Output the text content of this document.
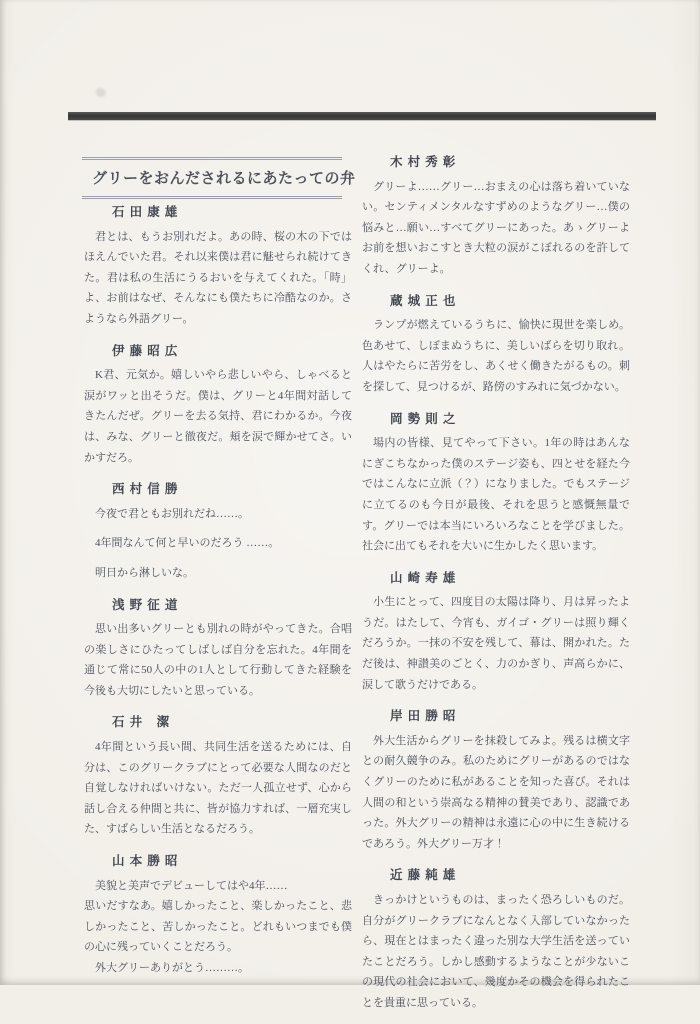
グリーをおんだされるにあたっての弁
石 田 康 雄

君とは、もうお別れだよ。あの時、桜の木の下ではほえんでいた君。それ以来僕は君に魅せられ続けてきた。君は私の生活にうるおいを与えてくれた。「時」よ、お前はなぜ、そんなにも僕たちに冷酷なのか。さようなら外語グリー。

伊 藤 昭 広

K君、元気か。嬉しいやら悲しいやら、しゃべると涙がワッと出そうだ。僕は、グリーと4年間対話してきたんだぜ。グリーを去る気持、君にわかるか。今夜は、みな、グリーと徹夜だ。頬を涙で輝かせてさ。いかすだろ。

西 村 信 勝

今夜で君ともお別れだね……。

4年間なんて何と早いのだろう ……。

明日から淋しいな。

浅 野 征 道

思い出多いグリーとも別れの時がやってきた。合唱の楽しさにひたってしばしば自分を忘れた。4年間を通じて常に50人の中の1人として行動してきた経験を今後も大切にしたいと思っている。

石 井　潔

4年間という長い間、共同生活を送るためには、自分は、このグリークラブにとって必要な人間なのだと自覚しなければいけない。ただ一人孤立せず、心から話し合える仲間と共に、皆が協力すれば、一層充実した、すばらしい生活となるだろう。

山 本 勝 昭

美貌と美声でデビューしてはや4年……

思いだすなあ。嬉しかったこと、楽しかったこと、悲しかったこと、苦しかったこと。どれもいつまでも僕の心に残っていくことだろう。

外大グリーありがとう………。

木 村 秀 彰

グリーよ……グリー…おまえの心は落ち着いていない。センティメンタルなすずめのようなグリー…僕の悩みと…願い…すべてグリーにあった。あゝグリーよお前を想いおこすとき大粒の涙がこぼれるのを許してくれ、グリーよ。

蔵 城 正 也

ランプが燃えているうちに、愉快に現世を楽しめ。色あせて、しぼまぬうちに、美しいばらを切り取れ。人はやたらに苦労をし、あくせく働きたがるもの。刺を探して、見つけるが、路傍のすみれに気づかない。

岡 勢 則 之

場内の皆様、見てやって下さい。1年の時はあんなにぎこちなかった僕のステージ姿も、四とせを経た今ではこんなに立派（？）になりました。でもステージに立てるのも今日が最後、それを思うと感慨無量です。グリーでは本当にいろいろなことを学びました。社会に出てもそれを大いに生かしたく思います。

山 崎 寿 雄

小生にとって、四度目の太陽は降り、月は昇ったようだ。はたして、今宵も、ガイゴ・グリーは照り輝くだろうか。一抹の不安を残して、幕は、開かれた。ただ後は、神讃美のごとく、力のかぎり、声高らかに、涙して歌うだけである。

岸 田 勝 昭

外大生活からグリーを抹殺してみよ。残るは横文字との耐久競争のみ。私のためにグリーがあるのではなくグリーのために私があることを知った喜び。それは人間の和という崇高なる精神の賛美であり、認識であった。外大グリーの精神は永遠に心の中に生き続けるであろう。外大グリー万才！

近 藤 純 雄

きっかけというものは、まったく恐ろしいものだ。自分がグリークラブになんとなく入部していなかったら、現在とはまったく違った別な大学生活を送っていたことだろう。しかし感動するようなことが少ないこの現代の社会において、幾度かその機会を得られたことを貴重に思っている。
